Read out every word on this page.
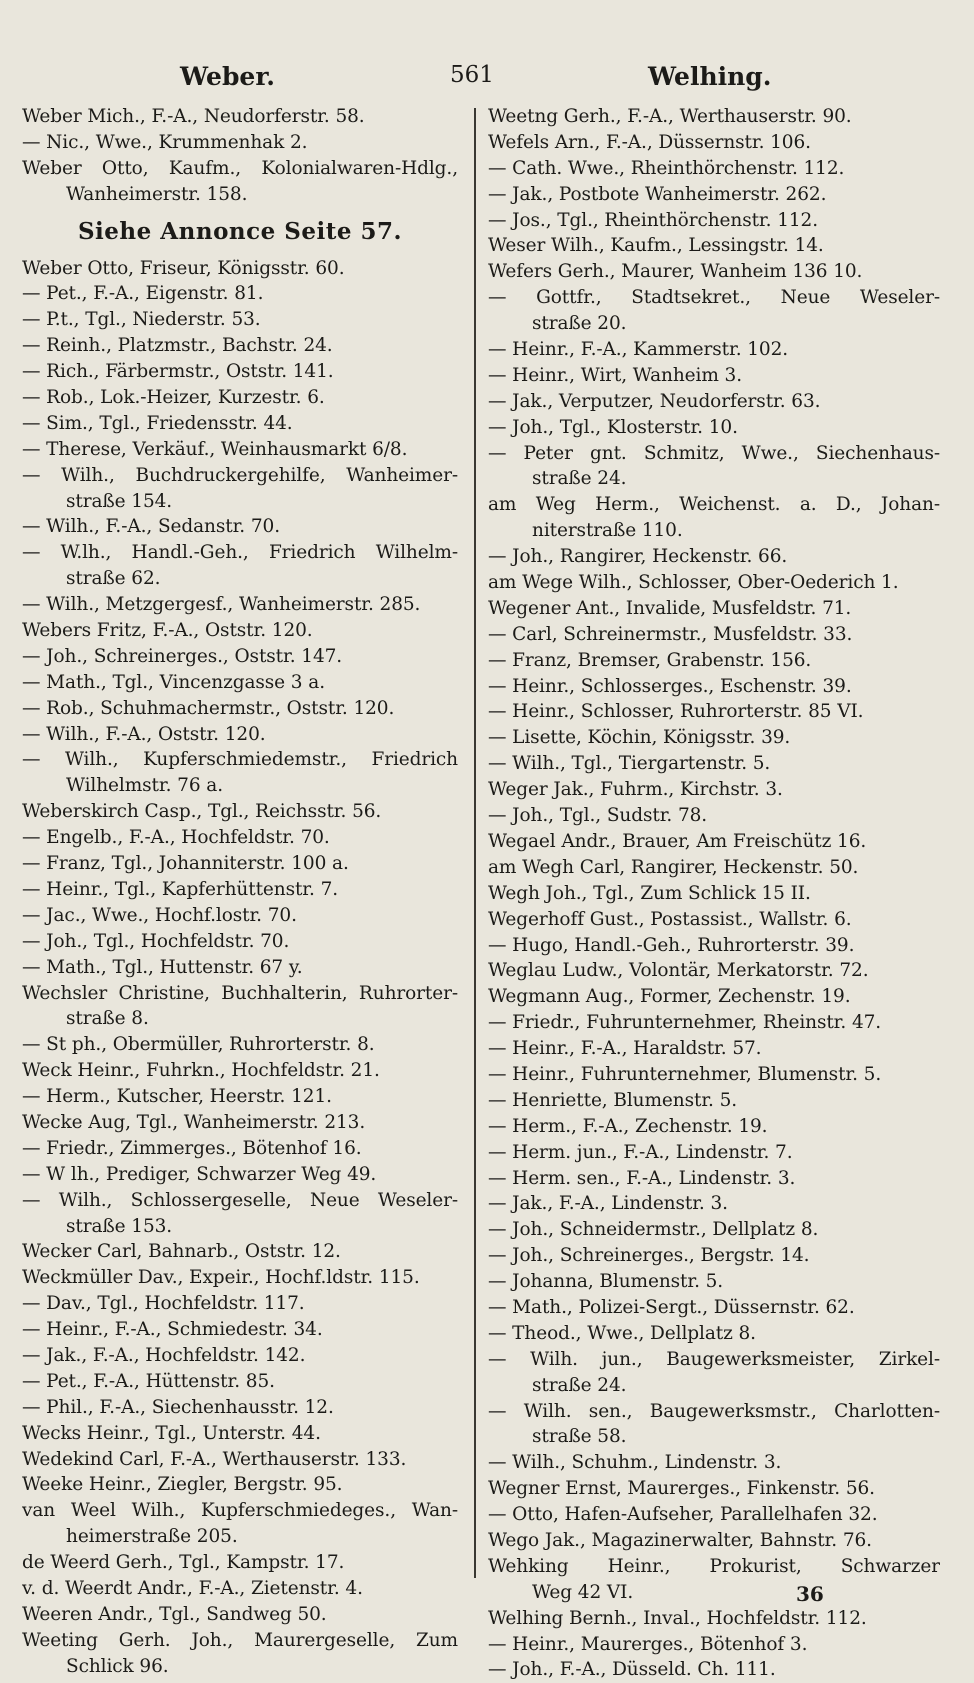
Weber.	561	Welhing.
Weber Mich., F.-A., Neudorferstr. 58.
— Nic., Wwe., Krummenhak 2.
Weber Otto, Kaufm., Kolonialwaren-Hdlg.,
Wanheimerstr. 158.
Siehe Annonce Seite 57.
Weber Otto, Friseur, Königsstr. 60.
— Pet., F.-A., Eigenstr. 81.
— P.t., Tgl., Niederstr. 53.
— Reinh., Platzmstr., Bachstr. 24.
— Rich., Färbermstr., Oststr. 141.
— Rob., Lok.-Heizer, Kurzestr. 6.
— Sim., Tgl., Friedensstr. 44.
— Therese, Verkäuf., Weinhausmarkt 6/8.
— Wilh., Buchdruckergehilfe, Wanheimer-
straße 154.
— Wilh., F.-A., Sedanstr. 70.
— W.lh., Handl.-Geh., Friedrich Wilhelm-
straße 62.
— Wilh., Metzgergesf., Wanheimerstr. 285.
Webers Fritz, F.-A., Oststr. 120.
— Joh., Schreinerges., Oststr. 147.
— Math., Tgl., Vincenzgasse 3 a.
— Rob., Schuhmachermstr., Oststr. 120.
— Wilh., F.-A., Oststr. 120.
— Wilh., Kupferschmiedemstr., Friedrich
Wilhelmstr. 76 a.
Weberskirch Casp., Tgl., Reichsstr. 56.
— Engelb., F.-A., Hochfeldstr. 70.
— Franz, Tgl., Johanniterstr. 100 a.
— Heinr., Tgl., Kapferhüttenstr. 7.
— Jac., Wwe., Hochf.lostr. 70.
— Joh., Tgl., Hochfeldstr. 70.
— Math., Tgl., Huttenstr. 67 y.
Wechsler Christine, Buchhalterin, Ruhrorter-
straße 8.
— St ph., Obermüller, Ruhrorterstr. 8.
Weck Heinr., Fuhrkn., Hochfeldstr. 21.
— Herm., Kutscher, Heerstr. 121.
Wecke Aug, Tgl., Wanheimerstr. 213.
— Friedr., Zimmerges., Bötenhof 16.
— W lh., Prediger, Schwarzer Weg 49.
— Wilh., Schlossergeselle, Neue Weseler-
straße 153.
Wecker Carl, Bahnarb., Oststr. 12.
Weckmüller Dav., Expeir., Hochf.ldstr. 115.
— Dav., Tgl., Hochfeldstr. 117.
— Heinr., F.-A., Schmiedestr. 34.
— Jak., F.-A., Hochfeldstr. 142.
— Pet., F.-A., Hüttenstr. 85.
— Phil., F.-A., Siechenhausstr. 12.
Wecks Heinr., Tgl., Unterstr. 44.
Wedekind Carl, F.-A., Werthauserstr. 133.
Weeke Heinr., Ziegler, Bergstr. 95.
van Weel Wilh., Kupferschmiedeges., Wan-
heimerstraße 205.
de Weerd Gerh., Tgl., Kampstr. 17.
v. d. Weerdt Andr., F.-A., Zietenstr. 4.
Weeren Andr., Tgl., Sandweg 50.
Weeting Gerh. Joh., Maurergeselle, Zum
Schlick 96.
Weetng Gerh., F.-A., Werthauserstr. 90.
Wefels Arn., F.-A., Düssernstr. 106.
— Cath. Wwe., Rheinthörchenstr. 112.
— Jak., Postbote Wanheimerstr. 262.
— Jos., Tgl., Rheinthörchenstr. 112.
Weser Wilh., Kaufm., Lessingstr. 14.
Wefers Gerh., Maurer, Wanheim 136 10.
— Gottfr., Stadtsekret., Neue Weseler-
straße 20.
— Heinr., F.-A., Kammerstr. 102.
— Heinr., Wirt, Wanheim 3.
— Jak., Verputzer, Neudorferstr. 63.
— Joh., Tgl., Klosterstr. 10.
— Peter gnt. Schmitz, Wwe., Siechenhaus-
straße 24.
am Weg Herm., Weichenst. a. D., Johan-
niterstraße 110.
— Joh., Rangirer, Heckenstr. 66.
am Wege Wilh., Schlosser, Ober-Oederich 1.
Wegener Ant., Invalide, Musfeldstr. 71.
— Carl, Schreinermstr., Musfeldstr. 33.
— Franz, Bremser, Grabenstr. 156.
— Heinr., Schlosserges., Eschenstr. 39.
— Heinr., Schlosser, Ruhrorterstr. 85 VI.
— Lisette, Köchin, Königsstr. 39.
— Wilh., Tgl., Tiergartenstr. 5.
Weger Jak., Fuhrm., Kirchstr. 3.
— Joh., Tgl., Sudstr. 78.
Wegael Andr., Brauer, Am Freischütz 16.
am Wegh Carl, Rangirer, Heckenstr. 50.
Wegh Joh., Tgl., Zum Schlick 15 II.
Wegerhoff Gust., Postassist., Wallstr. 6.
— Hugo, Handl.-Geh., Ruhrorterstr. 39.
Weglau Ludw., Volontär, Merkatorstr. 72.
Wegmann Aug., Former, Zechenstr. 19.
— Friedr., Fuhrunternehmer, Rheinstr. 47.
— Heinr., F.-A., Haraldstr. 57.
— Heinr., Fuhrunternehmer, Blumenstr. 5.
— Henriette, Blumenstr. 5.
— Herm., F.-A., Zechenstr. 19.
— Herm. jun., F.-A., Lindenstr. 7.
— Herm. sen., F.-A., Lindenstr. 3.
— Jak., F.-A., Lindenstr. 3.
— Joh., Schneidermstr., Dellplatz 8.
— Joh., Schreinerges., Bergstr. 14.
— Johanna, Blumenstr. 5.
— Math., Polizei-Sergt., Düssernstr. 62.
— Theod., Wwe., Dellplatz 8.
— Wilh. jun., Baugewerksmeister, Zirkel-
straße 24.
— Wilh. sen., Baugewerksmstr., Charlotten-
straße 58.
— Wilh., Schuhm., Lindenstr. 3.
Wegner Ernst, Maurerges., Finkenstr. 56.
— Otto, Hafen-Aufseher, Parallelhafen 32.
Wego Jak., Magazinerwalter, Bahnstr. 76.
Wehking Heinr., Prokurist, Schwarzer
Weg 42 VI.
Welhing Bernh., Inval., Hochfeldstr. 112.
— Heinr., Maurerges., Bötenhof 3.
— Joh., F.-A., Düsseld. Ch. 111.
36
